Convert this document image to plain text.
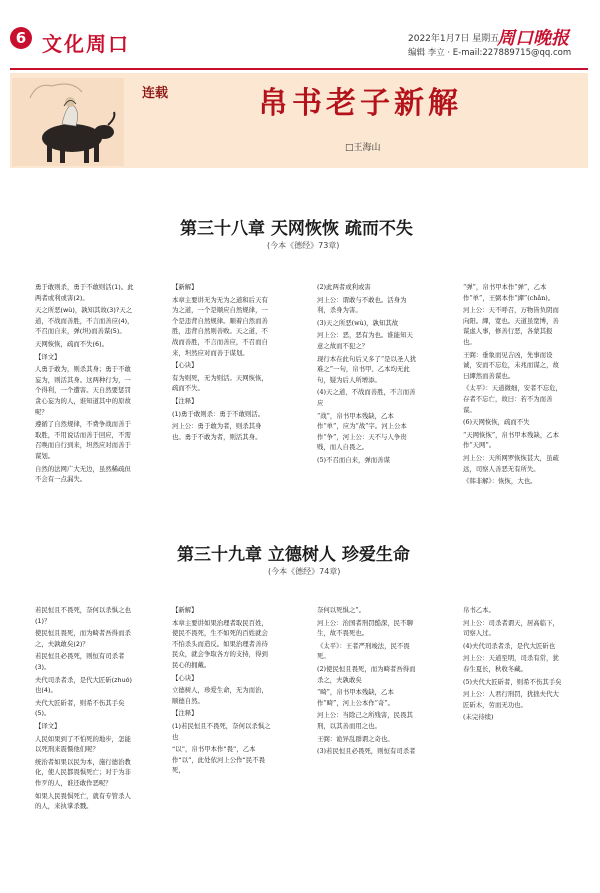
6 文化周口	2022年1月7日 星期五
编辑 李立 · E-mail:227889715@qq.com
周口晚报
连载	帛书老子新解
□王海山
第三十八章 天网恢恢 疏而不失
(今本《德经》73章)

勇于敢则杀，勇于不敢则活(1)。此两者或利或害(2)。

天之所恶(wù)，孰知其故(3)?天之道，不战而善胜，不言而善应(4)，不召而自来，弹(坦)而善谋(5)。

天网恢恢，疏而不失(6)。

【译文】

人勇于敢为，则杀其身；勇于不敢妄为，则活其身。这两种行为，一个得利，一个遭害。天自然要惩罚贪心妄为的人，谁知道其中的原故呢？

遵循了自然规律，不费争战而善于取胜，不用说话而善于回应，不需召唤而自行到来，坦然应对而善于谋划。

自然的法网广大无边，虽然稀疏但不会有一点漏失。

【新解】

本章主要讲无为无为之道和后天有为之道，一个是顺应自然规律，一个是违背自然规律。顺着自然而善胜，违背自然则善败。天之道，不战而善胜，不言而善应，不召而自来，坦然应对而善于谋划。

【心诀】

有为则死，无为则活。天网恢恢，疏而不失。

【注释】

(1)勇于敢则杀：勇于不敢则活。

河上公：勇于敢为者，则杀其身也。勇于不敢为者，则活其身。

(2)此两者或利或害

河上公：谓敢与不敢也。活身为利，杀身为害。

(3)天之所恶(wù)，孰知其故

河上公：恶，恶有为也。谁能知天意之故而不犯之？

现行本在此句后又多了“是以圣人犹难之”一句，帛书甲、乙本均无此句，疑为后人所增添。

(4)天之道，不战而善胜，不言而善应

“战”，帛书甲本残缺，乙本作“单”，应为“战”字。河上公本作“争”，河上公：天不与人争贵贱，而人自畏之。

(5)不召而自来，弹而善谋

“弹”，帛书甲本作“弹”，乙本作“单”，王弼本作“繟”(chǎn)。

河上公：天不呼召，万物皆负阴而向阳。繟，宽也。天道虽宽博，善谋虑人事，修善行恶，各蒙其报也。

王弼：垂象而见吉凶，先事而设诚，安而不忘危，未兆而谋之，故曰繟然而善谋也。

《太平》：天道微细，安者不忘危，存者不忘亡，故曰：若不为而善谋。

(6)天网恢恢，疏而不失

“天网恢恢”，帛书甲本残缺，乙本作“天网”。

河上公：天所网罗恢恢甚大，虽疏远，司察人善恶无有所失。

《韩非解》：恢恢，大也。

第三十九章 立德树人 珍爱生命
(今本《德经》74章)

若民恒且不畏死，奈何以杀惧之也(1)？

使民恒且畏死，而为畸者吾得而杀之，夫孰敢矣(2)？

若民恒且必畏死，则恒有司杀者(3)。

夫代司杀者杀，是代大匠斫(zhuó)也(4)。

夫代大匠斫者，则希不伤其手矣(5)。

【译文】

人民如果到了不怕死的地步，怎能以死刑来震慑他们呢？

统治者如果以民为本，施行德治教化，使人民都畏惧死亡；对于为非作歹的人，谁还敢作恶呢？

如果人民畏惧死亡，就有专管杀人的人，来执掌杀戮。

【新解】

本章主要讲如果治理者取民百姓，使民不畏死，生不如死的百姓就会不怕杀头而造反。如果治理者善待民众，就会争取各方的支持，得到民心的拥戴。

【心诀】

立德树人，珍爱生命，无为而治，顺德自然。

【注释】

(1)若民恒且不畏死，奈何以杀惧之也

“以”，帛书甲本作“畏”，乙本作“以”，此处依河上公作“民不畏死，

奈何以死惧之”。

河上公：治国者刑罚酷深，民不聊生，故不畏死也。

《太平》：王者严刑竣法，民不畏死。

(2)使民恒且畏死，而为畸者吾得而杀之，夫孰敢矣

“畸”，帛书甲本残缺，乙本作“畸”，河上公本作“奇”。

河上公：当除己之所残害，民畏其刑，以其善而用之也。

王弼：诡异乱群谓之奇也。

(3)若民恒且必畏死，则恒有司杀者

帛书乙本。

河上公：司杀者谓天，居高临下，司察人过。

(4)夫代司杀者杀，是代大匠斫也

河上公：天道至明，司杀有常，犹春生夏长，秋收冬藏。

(5)夫代大匠斫者，则希不伤其手矣

河上公：人君行刑罚，犹拙夫代大匠斫木，劳而无功也。

(未完待续)
